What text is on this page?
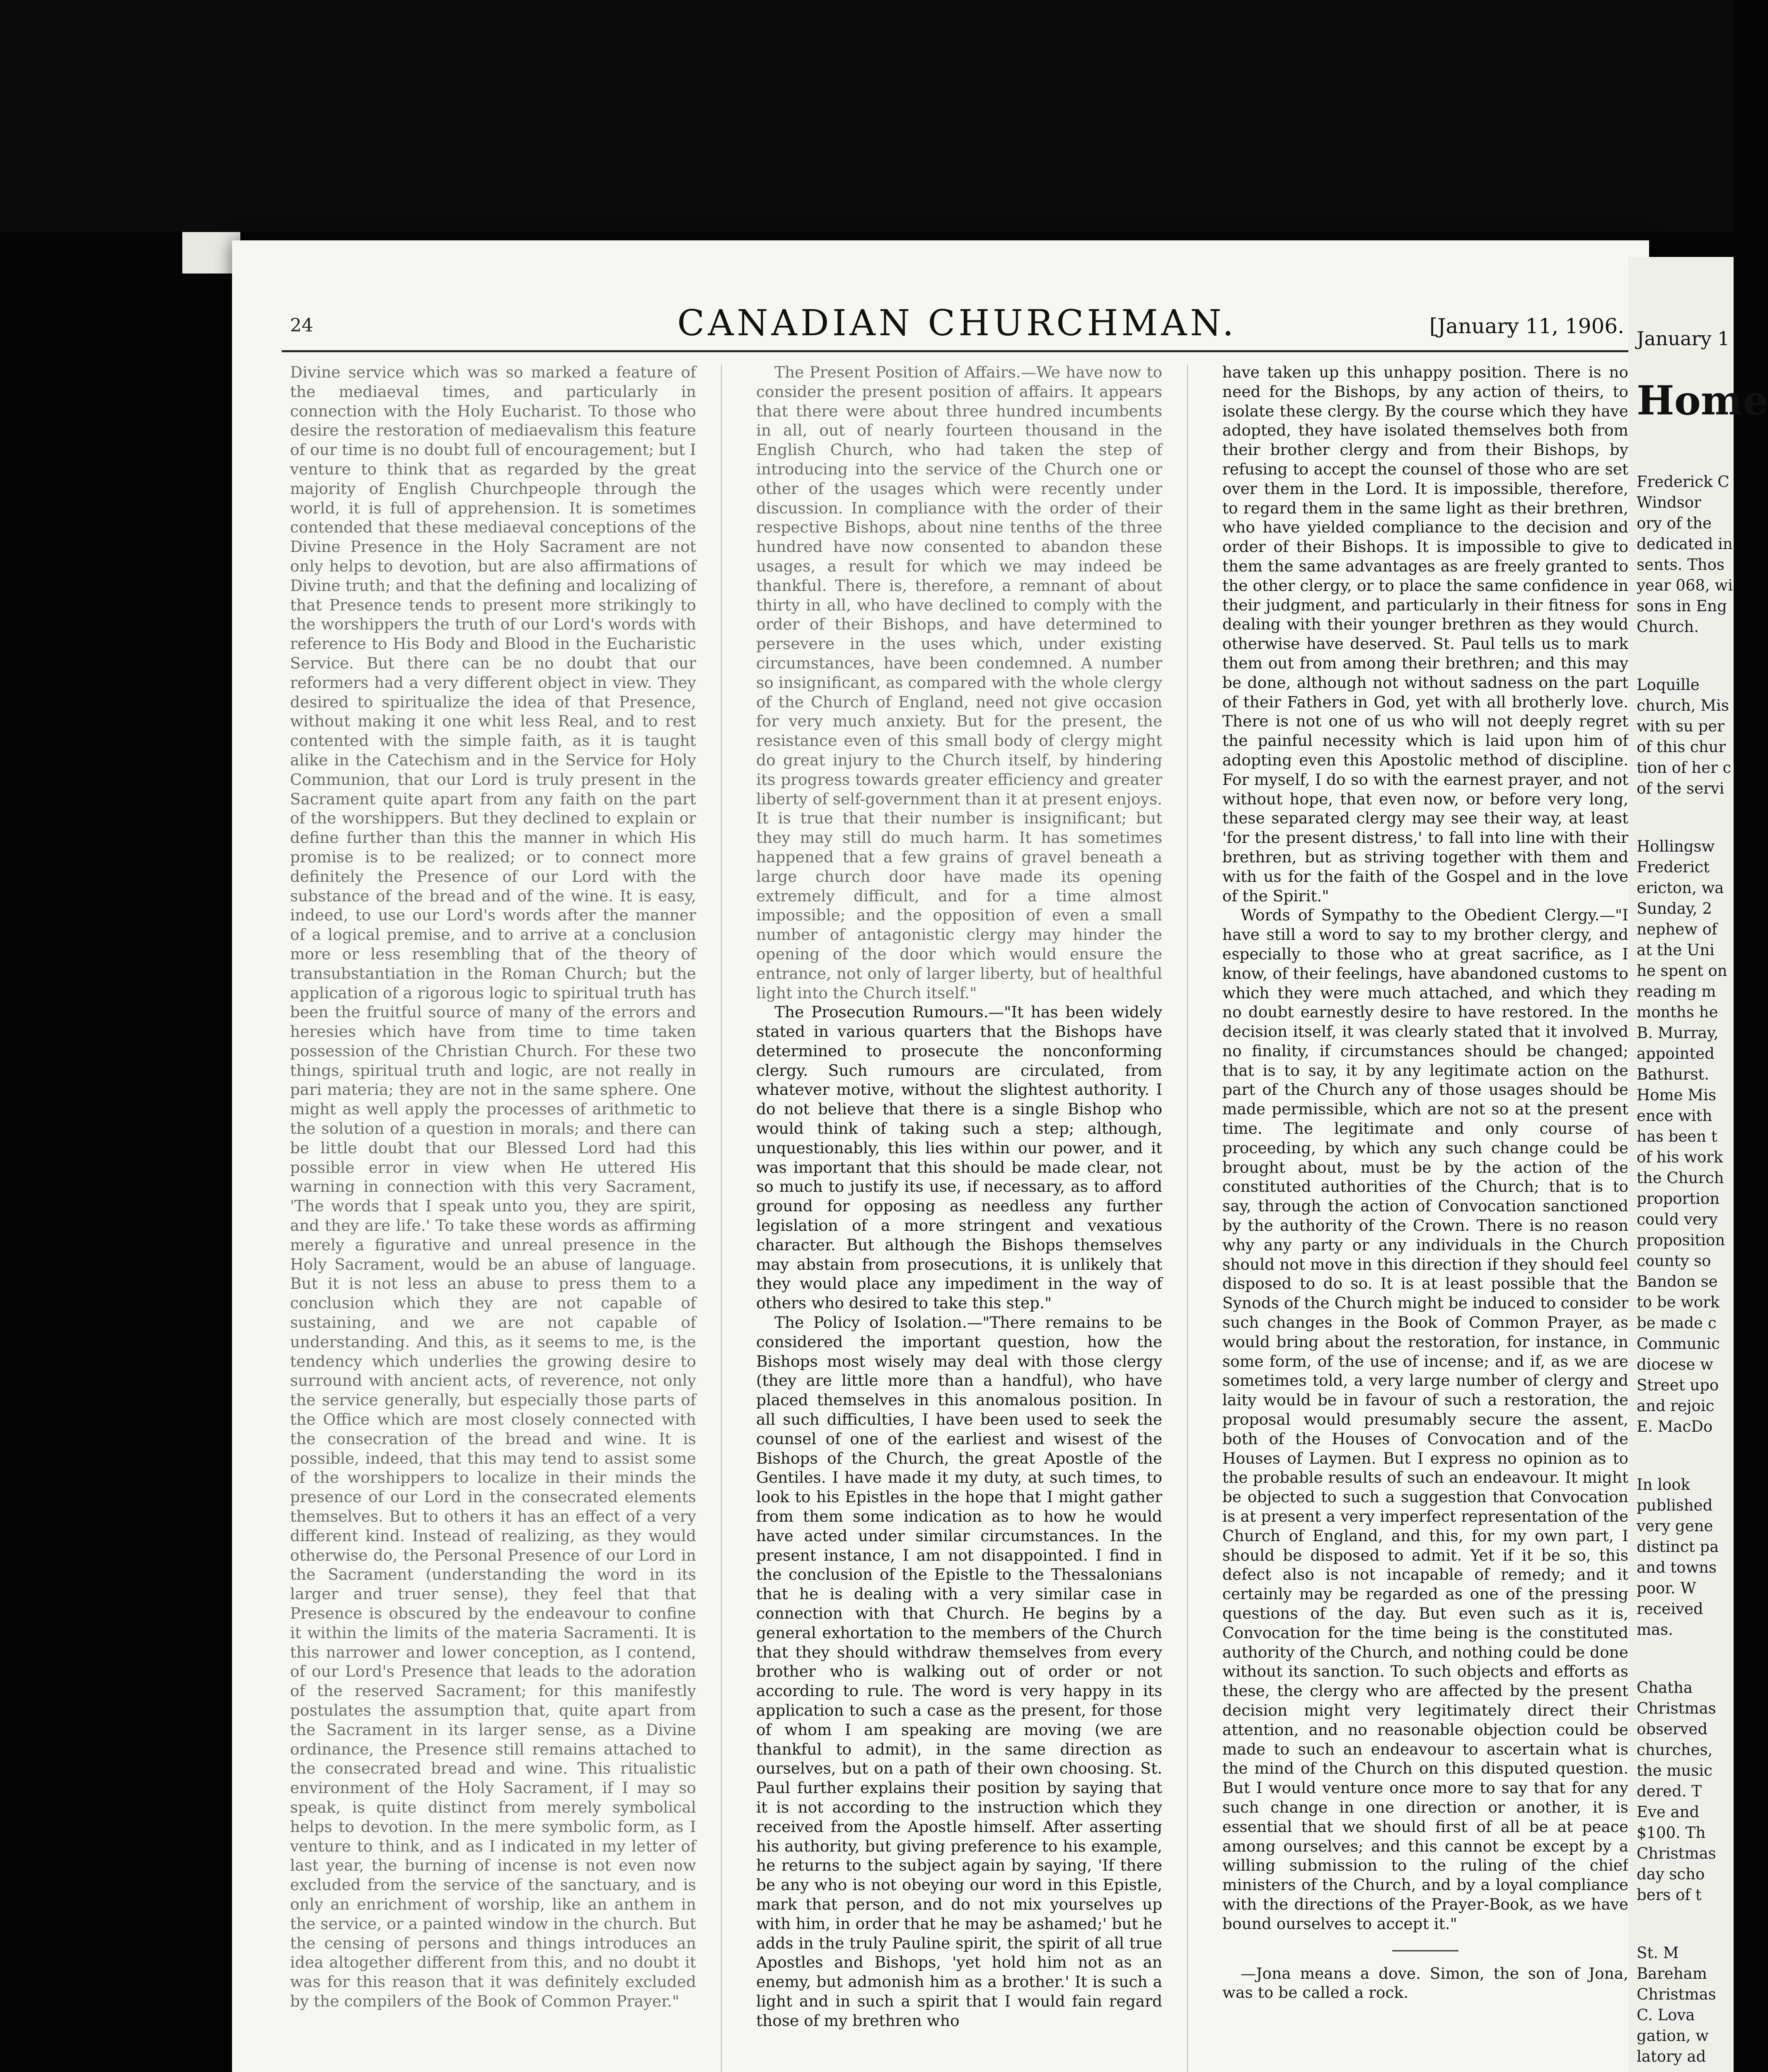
24	CANADIAN CHURCHMAN.	[January 11, 1906.

Divine service which was so marked a feature of the mediaeval times, and particularly in connection with the Holy Eucharist. To those who desire the restoration of mediaevalism this feature of our time is no doubt full of encouragement; but I venture to think that as regarded by the great majority of English Churchpeople through the world, it is full of apprehension. It is sometimes contended that these mediaeval conceptions of the Divine Presence in the Holy Sacrament are not only helps to devotion, but are also affirmations of Divine truth; and that the defining and localizing of that Presence tends to present more strikingly to the worshippers the truth of our Lord's words with reference to His Body and Blood in the Eucharistic Service. But there can be no doubt that our reformers had a very different object in view. They desired to spiritualize the idea of that Presence, without making it one whit less Real, and to rest contented with the simple faith, as it is taught alike in the Catechism and in the Service for Holy Communion, that our Lord is truly present in the Sacrament quite apart from any faith on the part of the worshippers. But they declined to explain or define further than this the manner in which His promise is to be realized; or to connect more definitely the Presence of our Lord with the substance of the bread and of the wine. It is easy, indeed, to use our Lord's words after the manner of a logical premise, and to arrive at a conclusion more or less resembling that of the theory of transubstantiation in the Roman Church; but the application of a rigorous logic to spiritual truth has been the fruitful source of many of the errors and heresies which have from time to time taken possession of the Christian Church. For these two things, spiritual truth and logic, are not really in pari materia; they are not in the same sphere. One might as well apply the processes of arithmetic to the solution of a question in morals; and there can be little doubt that our Blessed Lord had this possible error in view when He uttered His warning in connection with this very Sacrament, 'The words that I speak unto you, they are spirit, and they are life.' To take these words as affirming merely a figurative and unreal presence in the Holy Sacrament, would be an abuse of language. But it is not less an abuse to press them to a conclusion which they are not capable of sustaining, and we are not capable of understanding. And this, as it seems to me, is the tendency which underlies the growing desire to surround with ancient acts, of reverence, not only the service generally, but especially those parts of the Office which are most closely connected with the consecration of the bread and wine. It is possible, indeed, that this may tend to assist some of the worshippers to localize in their minds the presence of our Lord in the consecrated elements themselves. But to others it has an effect of a very different kind. Instead of realizing, as they would otherwise do, the Personal Presence of our Lord in the Sacrament (understanding the word in its larger and truer sense), they feel that that Presence is obscured by the endeavour to confine it within the limits of the materia Sacramenti. It is this narrower and lower conception, as I contend, of our Lord's Presence that leads to the adoration of the reserved Sacrament; for this manifestly postulates the assumption that, quite apart from the Sacrament in its larger sense, as a Divine ordinance, the Presence still remains attached to the consecrated bread and wine. This ritualistic environment of the Holy Sacrament, if I may so speak, is quite distinct from merely symbolical helps to devotion. In the mere symbolic form, as I venture to think, and as I indicated in my letter of last year, the burning of incense is not even now excluded from the service of the sanctuary, and is only an enrichment of worship, like an anthem in the service, or a painted window in the church. But the censing of persons and things introduces an idea altogether different from this, and no doubt it was for this reason that it was definitely excluded by the compilers of the Book of Common Prayer."

The Present Position of Affairs.—We have now to consider the present position of affairs. It appears that there were about three hundred incumbents in all, out of nearly fourteen thousand in the English Church, who had taken the step of introducing into the service of the Church one or other of the usages which were recently under discussion. In compliance with the order of their respective Bishops, about nine tenths of the three hundred have now consented to abandon these usages, a result for which we may indeed be thankful. There is, therefore, a remnant of about thirty in all, who have declined to comply with the order of their Bishops, and have determined to persevere in the uses which, under existing circumstances, have been condemned. A number so insignificant, as compared with the whole clergy of the Church of England, need not give occasion for very much anxiety. But for the present, the resistance even of this small body of clergy might do great injury to the Church itself, by hindering its progress towards greater efficiency and greater liberty of self-government than it at present enjoys. It is true that their number is insignificant; but they may still do much harm. It has sometimes happened that a few grains of gravel beneath a large church door have made its opening extremely difficult, and for a time almost impossible; and the opposition of even a small number of antagonistic clergy may hinder the opening of the door which would ensure the entrance, not only of larger liberty, but of healthful light into the Church itself."

The Prosecution Rumours.—"It has been widely stated in various quarters that the Bishops have determined to prosecute the nonconforming clergy. Such rumours are circulated, from whatever motive, without the slightest authority. I do not believe that there is a single Bishop who would think of taking such a step; although, unquestionably, this lies within our power, and it was important that this should be made clear, not so much to justify its use, if necessary, as to afford ground for opposing as needless any further legislation of a more stringent and vexatious character. But although the Bishops themselves may abstain from prosecutions, it is unlikely that they would place any impediment in the way of others who desired to take this step."

The Policy of Isolation.—"There remains to be considered the important question, how the Bishops most wisely may deal with those clergy (they are little more than a handful), who have placed themselves in this anomalous position. In all such difficulties, I have been used to seek the counsel of one of the earliest and wisest of the Bishops of the Church, the great Apostle of the Gentiles. I have made it my duty, at such times, to look to his Epistles in the hope that I might gather from them some indication as to how he would have acted under similar circumstances. In the present instance, I am not disappointed. I find in the conclusion of the Epistle to the Thessalonians that he is dealing with a very similar case in connection with that Church. He begins by a general exhortation to the members of the Church that they should withdraw themselves from every brother who is walking out of order or not according to rule. The word is very happy in its application to such a case as the present, for those of whom I am speaking are moving (we are thankful to admit), in the same direction as ourselves, but on a path of their own choosing. St. Paul further explains their position by saying that it is not according to the instruction which they received from the Apostle himself. After asserting his authority, but giving preference to his example, he returns to the subject again by saying, 'If there be any who is not obeying our word in this Epistle, mark that person, and do not mix yourselves up with him, in order that he may be ashamed;' but he adds in the truly Pauline spirit, the spirit of all true Apostles and Bishops, 'yet hold him not as an enemy, but admonish him as a brother.' It is such a light and in such a spirit that I would fain regard those of my brethren who

have taken up this unhappy position. There is no need for the Bishops, by any action of theirs, to isolate these clergy. By the course which they have adopted, they have isolated themselves both from their brother clergy and from their Bishops, by refusing to accept the counsel of those who are set over them in the Lord. It is impossible, therefore, to regard them in the same light as their brethren, who have yielded compliance to the decision and order of their Bishops. It is impossible to give to them the same advantages as are freely granted to the other clergy, or to place the same confidence in their judgment, and particularly in their fitness for dealing with their younger brethren as they would otherwise have deserved. St. Paul tells us to mark them out from among their brethren; and this may be done, although not without sadness on the part of their Fathers in God, yet with all brotherly love. There is not one of us who will not deeply regret the painful necessity which is laid upon him of adopting even this Apostolic method of discipline. For myself, I do so with the earnest prayer, and not without hope, that even now, or before very long, these separated clergy may see their way, at least 'for the present distress,' to fall into line with their brethren, but as striving together with them and with us for the faith of the Gospel and in the love of the Spirit."

Words of Sympathy to the Obedient Clergy.—"I have still a word to say to my brother clergy, and especially to those who at great sacrifice, as I know, of their feelings, have abandoned customs to which they were much attached, and which they no doubt earnestly desire to have restored. In the decision itself, it was clearly stated that it involved no finality, if circumstances should be changed; that is to say, it by any legitimate action on the part of the Church any of those usages should be made permissible, which are not so at the present time. The legitimate and only course of proceeding, by which any such change could be brought about, must be by the action of the constituted authorities of the Church; that is to say, through the action of Convocation sanctioned by the authority of the Crown. There is no reason why any party or any individuals in the Church should not move in this direction if they should feel disposed to do so. It is at least possible that the Synods of the Church might be induced to consider such changes in the Book of Common Prayer, as would bring about the restoration, for instance, in some form, of the use of incense; and if, as we are sometimes told, a very large number of clergy and laity would be in favour of such a restoration, the proposal would presumably secure the assent, both of the Houses of Convocation and of the Houses of Laymen. But I express no opinion as to the probable results of such an endeavour. It might be objected to such a suggestion that Convocation is at present a very imperfect representation of the Church of England, and this, for my own part, I should be disposed to admit. Yet if it be so, this defect also is not incapable of remedy; and it certainly may be regarded as one of the pressing questions of the day. But even such as it is, Convocation for the time being is the constituted authority of the Church, and nothing could be done without its sanction. To such objects and efforts as these, the clergy who are affected by the present decision might very legitimately direct their attention, and no reasonable objection could be made to such an endeavour to ascertain what is the mind of the Church on this disputed question. But I would venture once more to say that for any such change in one direction or another, it is essential that we should first of all be at peace among ourselves; and this cannot be except by a willing submission to the ruling of the chief ministers of the Church, and by a loyal compliance with the directions of the Prayer-Book, as we have bound ourselves to accept it."

—Jona means a dove. Simon, the son of Jona, was to be called a rock.

January 1
Home
Frederick C
Windsor
ory of the
dedicated in
sents. Thos
year 068, wi
sons in Eng
Church.
Loquille
church, Mis
with su per
of this chur
tion of her c
of the servi
Hollingsw
Frederict
ericton, wa
Sunday, 2
nephew of
at the Uni
he spent on
reading m
months he
B. Murray,
appointed
Bathurst.
Home Mis
ence with
has been t
of his work
the Church
proportion
could very
proposition
county so
Bandon se
to be work
be made c
Communic
diocese w
Street upo
and rejoic
E. MacDo
In look
published
very gene
distinct pa
and towns
poor. W
received
mas.
Chatha
Christmas
observed
churches,
the music
dered. T
Eve and
$100. Th
Christmas
day scho
bers of t
St. M
Bareham
Christmas
C. Lova
gation, w
latory ad
